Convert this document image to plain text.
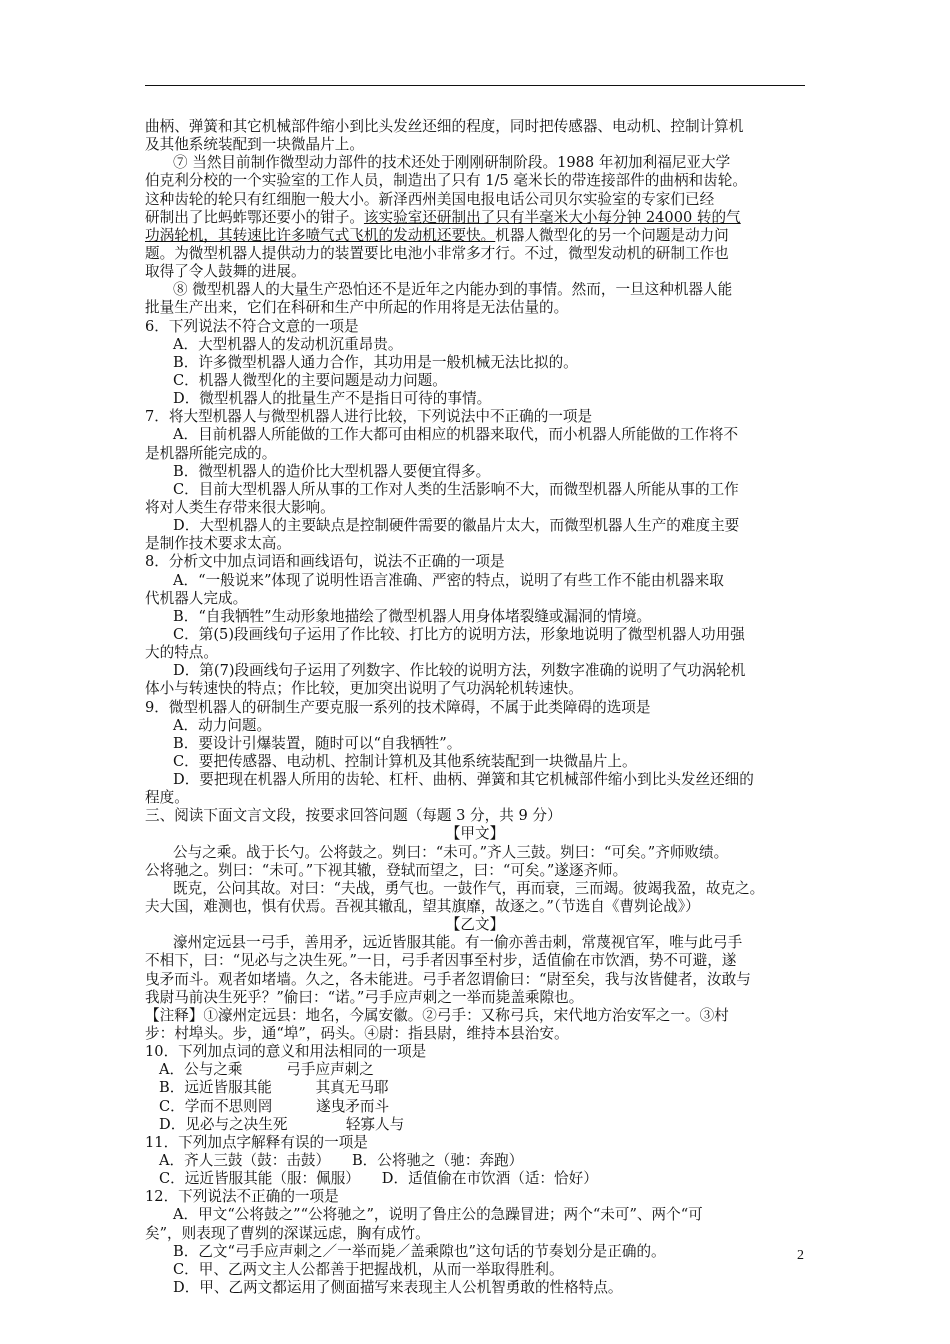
曲柄、弹簧和其它机械部件缩小到比头发丝还细的程度，同时把传感器、电动机、控制计算机
及其他系统装配到一块微晶片上。
⑦ 当然目前制作微型动力部件的技术还处于刚刚研制阶段。1988 年初加利福尼亚大学
伯克利分校的一个实验室的工作人员，制造出了只有 1/5 毫米长的带连接部件的曲柄和齿轮。
这种齿轮的轮只有红细胞一般大小。新泽西州美国电报电话公司贝尔实验室的专家们已经
研制出了比蚂蚱鄂还要小的钳子。该实验室还研制出了只有半毫米大小每分钟 24000 转的气
功涡轮机，其转速比许多喷气式飞机的发动机还要快。机器人微型化的另一个问题是动力问
题。为微型机器人提供动力的装置要比电池小非常多才行。不过，微型发动机的研制工作也
取得了令人鼓舞的进展。
⑧ 微型机器人的大量生产恐怕还不是近年之内能办到的事情。然而，一旦这种机器人能
批量生产出来，它们在科研和生产中所起的作用将是无法估量的。
6．下列说法不符合文意的一项是
A．大型机器人的发动机沉重昂贵。
B．许多微型机器人通力合作，其功用是一般机械无法比拟的。
C．机器人微型化的主要问题是动力问题。
D．微型机器人的批量生产不是指日可待的事情。
7．将大型机器人与微型机器人进行比较，下列说法中不正确的一项是
A．目前机器人所能做的工作大都可由相应的机器来取代，而小机器人所能做的工作将不
是机器所能完成的。
B．微型机器人的造价比大型机器人要便宜得多。
C．目前大型机器人所从事的工作对人类的生活影响不大，而微型机器人所能从事的工作
将对人类生存带来很大影响。
D．大型机器人的主要缺点是控制硬件需要的徽晶片太大，而微型机器人生产的难度主要
是制作技术要求太高。
8．分析文中加点词语和画线语句，说法不正确的一项是
A．“一般说来”体现了说明性语言准确、严密的特点，说明了有些工作不能由机器来取
代机器人完成。
B．“自我牺牲”生动形象地描绘了微型机器人用身体堵裂缝或漏洞的情境。
C．第(5)段画线句子运用了作比较、打比方的说明方法，形象地说明了微型机器人功用强
大的特点。
D．第(7)段画线句子运用了列数字、作比较的说明方法，列数字准确的说明了气功涡轮机
体小与转速快的特点；作比较，更加突出说明了气功涡轮机转速快。
9．微型机器人的研制生产要克服一系列的技术障碍，不属于此类障碍的选项是
A．动力问题。
B．要设计引爆装置，随时可以“自我牺牲”。
C．要把传感器、电动机、控制计算机及其他系统装配到一块微晶片上。
D．要把现在机器人所用的齿轮、杠杆、曲柄、弹簧和其它机械部件缩小到比头发丝还细的
程度。
三、阅读下面文言文段，按要求回答问题（每题 3 分，共 9 分）
【甲文】
公与之乘。战于长勺。公将鼓之。刿曰：“未可。”齐人三鼓。刿曰：“可矣。”齐师败绩。
公将驰之。刿曰：“未可。”下视其辙，登轼而望之，曰：“可矣。”遂逐齐师。
既克，公问其故。对曰：“夫战，勇气也。一鼓作气，再而衰，三而竭。彼竭我盈，故克之。
夫大国，难测也，惧有伏焉。吾视其辙乱，望其旗靡，故逐之。”（节选自《曹刿论战》）
【乙文】
濠州定远县一弓手，善用矛，远近皆服其能。有一偷亦善击刺，常蔑视官军，唯与此弓手
不相下，曰：“见必与之决生死。”一日，弓手者因事至村步，适值偷在市饮酒，势不可避，遂
曳矛而斗。观者如堵墙。久之，各未能进。弓手者忽谓偷曰：“尉至矣，我与汝皆健者，汝敢与
我尉马前决生死乎？”偷曰：“诺。”弓手应声刺之一举而毙盖乘隙也。
【注释】①濠州定远县：地名，今属安徽。②弓手：又称弓兵，宋代地方治安军之一。③村
步：村埠头。步，通“埠”，码头。④尉：指县尉，维持本县治安。
10．下列加点词的意义和用法相同的一项是
A．公与之乘　　　弓手应声刺之
B．远近皆服其能　　　其真无马耶
C．学而不思则罔　　　遂曳矛而斗
D．见必与之决生死　　　　轻寡人与
11．下列加点字解释有误的一项是
A．齐人三鼓（鼓：击鼓）　　B．公将驰之（驰：奔跑）
C．远近皆服其能（服：佩服）　　D．适值偷在市饮酒（适：恰好）
12．下列说法不正确的一项是
A．甲文“公将鼓之”“公将驰之”，说明了鲁庄公的急躁冒进；两个“未可”、两个“可
矣”，则表现了曹刿的深谋远虑，胸有成竹。
B．乙文“弓手应声刺之／一举而毙／盖乘隙也”这句话的节奏划分是正确的。
C．甲、乙两文主人公都善于把握战机，从而一举取得胜利。
D．甲、乙两文都运用了侧面描写来表现主人公机智勇敢的性格特点。
2
